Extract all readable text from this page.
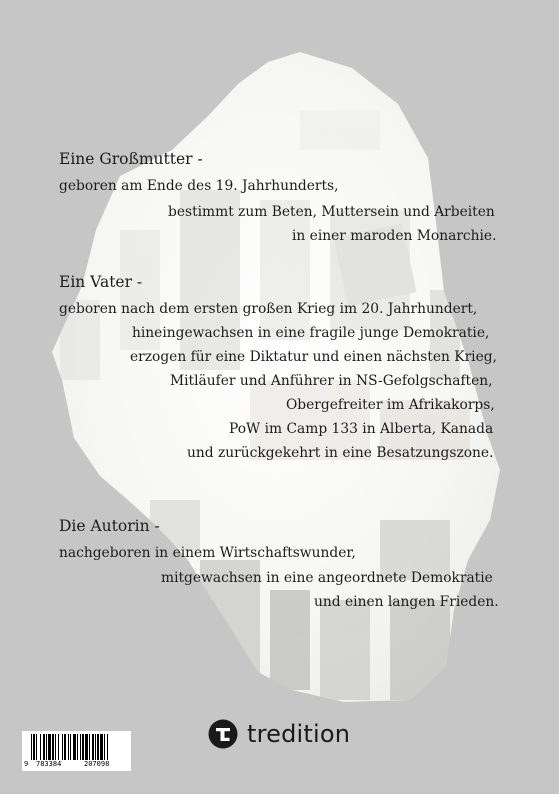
Eine Großmutter -
geboren am Ende des 19. Jahrhunderts,
bestimmt zum Beten, Muttersein und Arbeiten
in einer maroden Monarchie.
Ein Vater -
geboren nach dem ersten großen Krieg im 20. Jahrhundert,
hineingewachsen in eine fragile junge Demokratie,
erzogen für eine Diktatur und einen nächsten Krieg,
Mitläufer und Anführer in NS-Gefolgschaften,
Obergefreiter im Afrikakorps,
PoW im Camp 133 in Alberta, Kanada
und zurückgekehrt in eine Besatzungszone.
Die Autorin -
nachgeboren in einem Wirtschaftswunder,
mitgewachsen in eine angeordnete Demokratie
und einen langen Frieden.
9 783384	207098
tredition
